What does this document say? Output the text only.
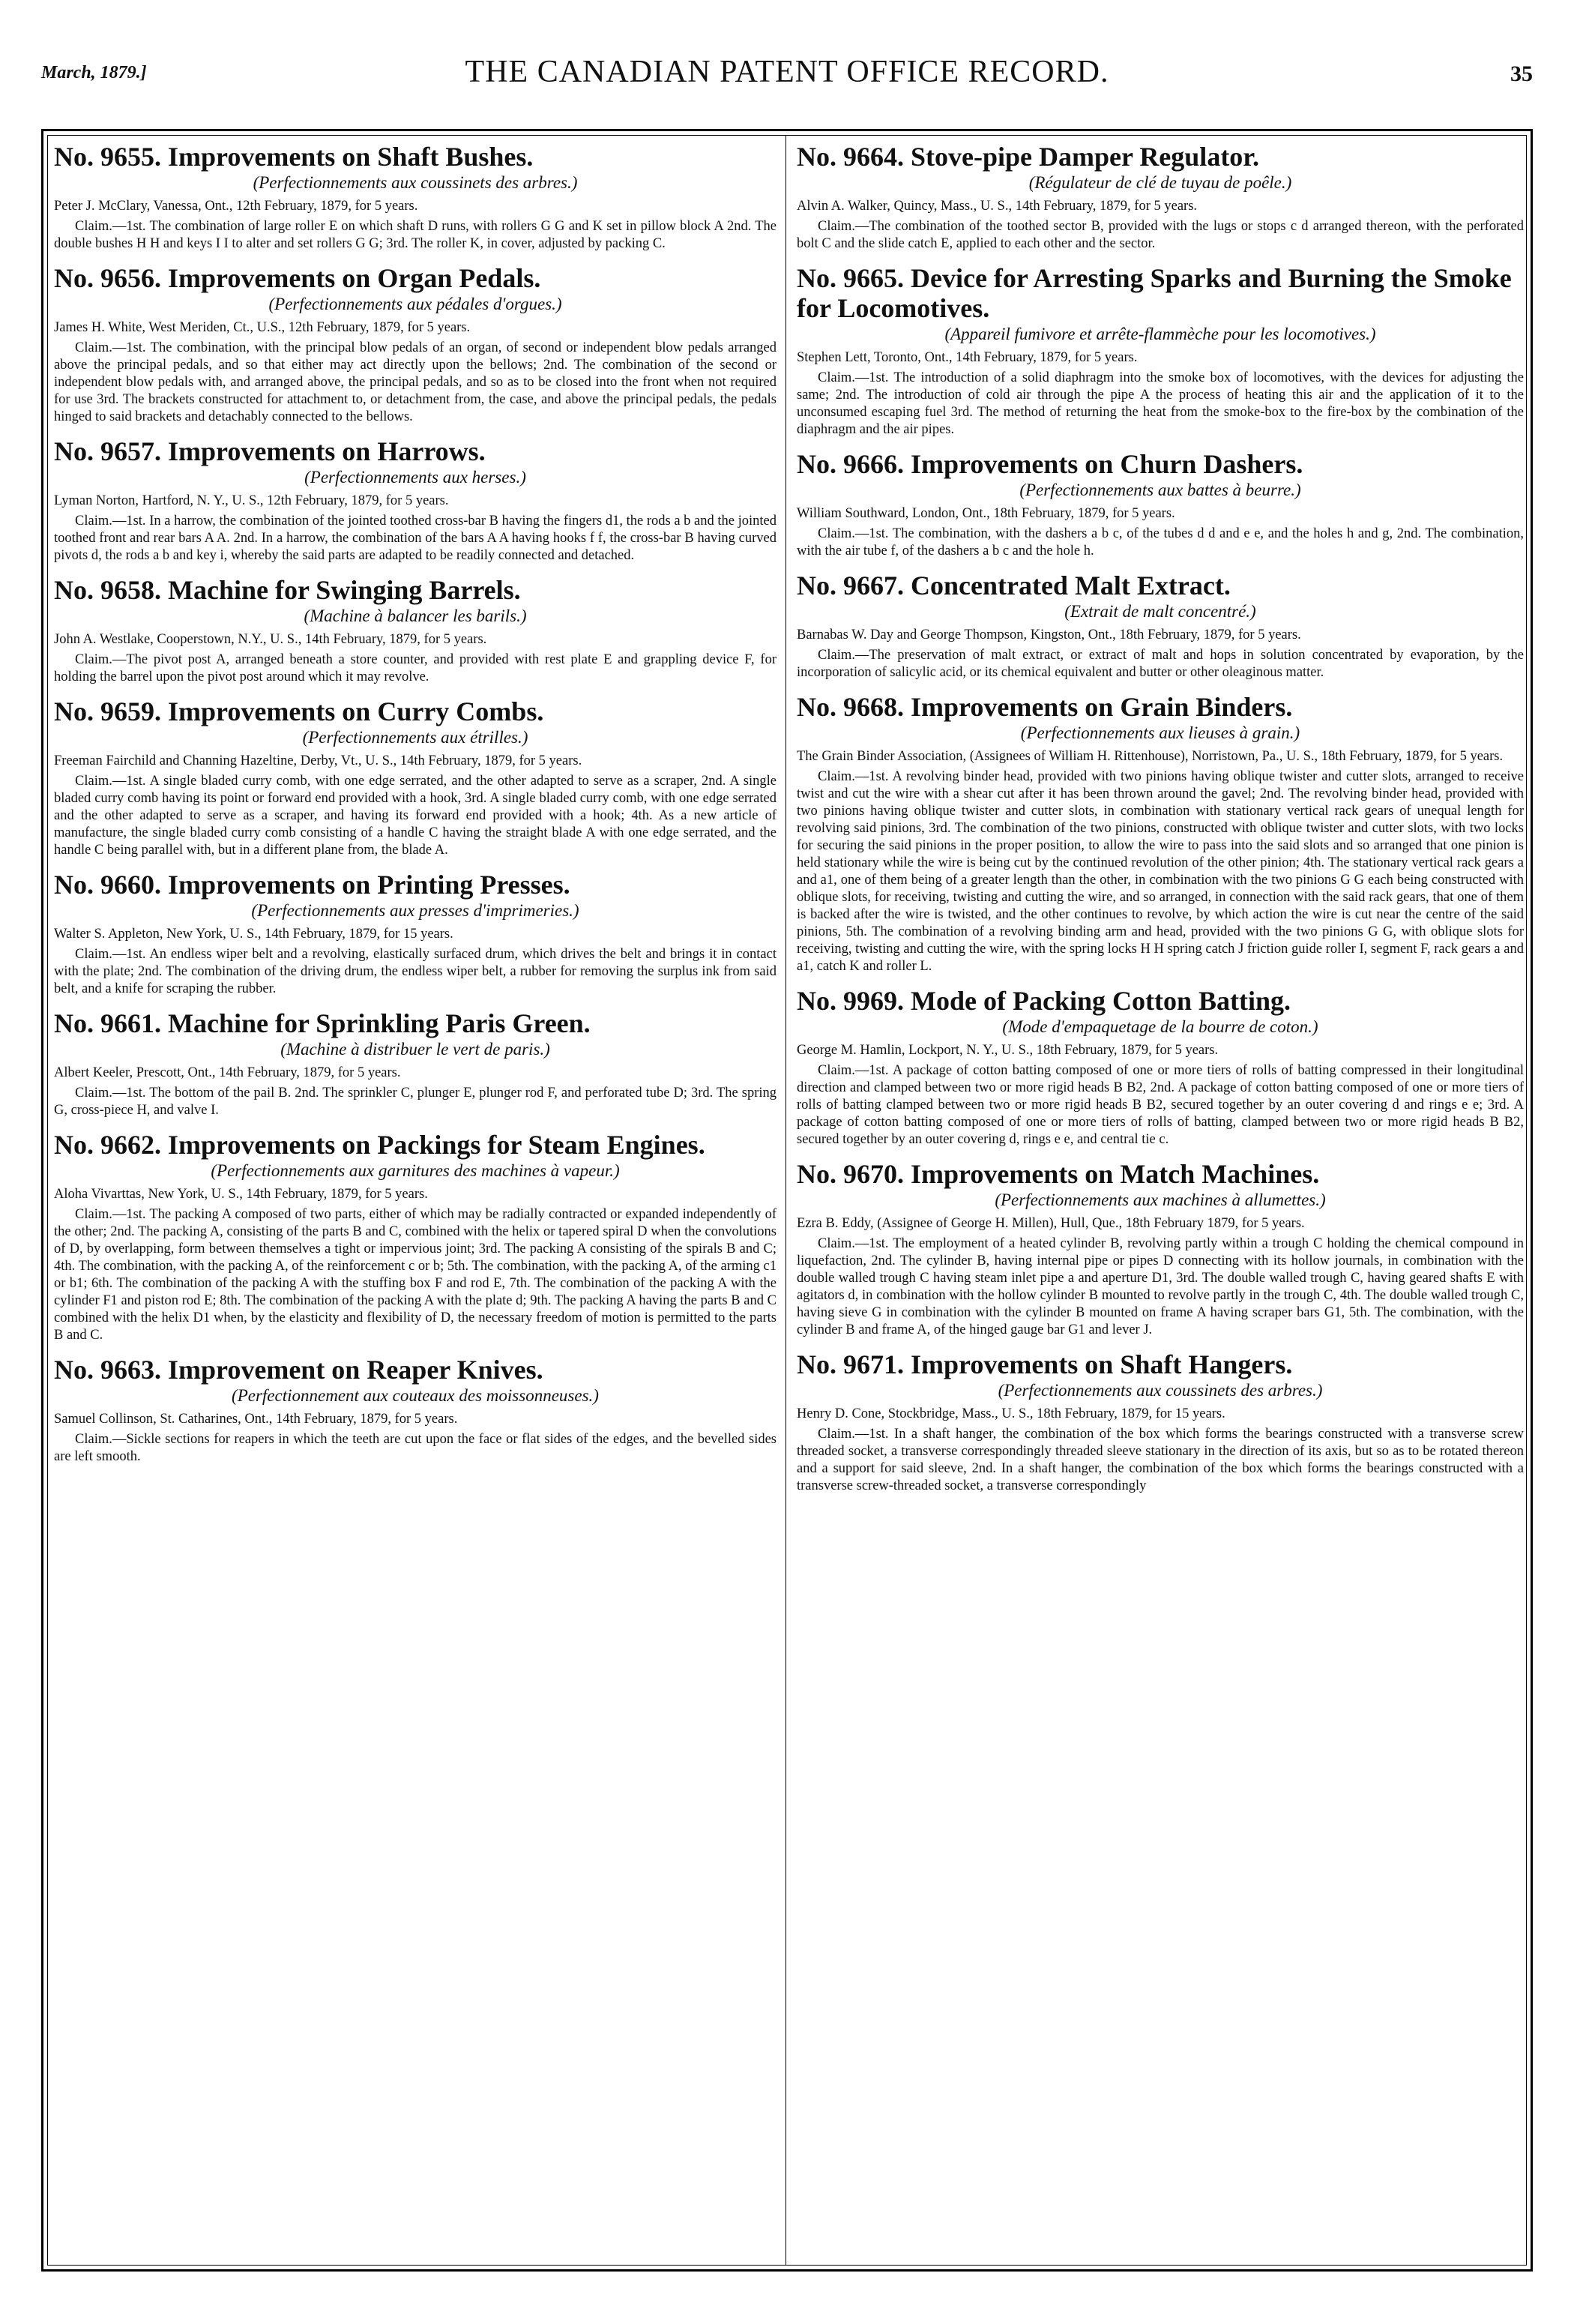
March, 1879.]	THE CANADIAN PATENT OFFICE RECORD.	35
No. 9655. Improvements on Shaft Bushes.
(Perfectionnements aux coussinets des arbres.)
Peter J. McClary, Vanessa, Ont., 12th February, 1879, for 5 years.
Claim.—1st. The combination of large roller E on which shaft D runs, with rollers G G and K set in pillow block A 2nd. The double bushes H H and keys I I to alter and set rollers G G; 3rd. The roller K, in cover, adjusted by packing C.
No. 9656. Improvements on Organ Pedals.
(Perfectionnements aux pédales d'orgues.)
James H. White, West Meriden, Ct., U.S., 12th February, 1879, for 5 years.
Claim.—1st. The combination, with the principal blow pedals of an organ, of second or independent blow pedals arranged above the principal pedals, and so that either may act directly upon the bellows; 2nd. The combination of the second or independent blow pedals with, and arranged above, the principal pedals, and so as to be closed into the front when not required for use 3rd. The brackets constructed for attachment to, or detachment from, the case, and above the principal pedals, the pedals hinged to said brackets and detachably connected to the bellows.
No. 9657. Improvements on Harrows.
(Perfectionnements aux herses.)
Lyman Norton, Hartford, N. Y., U. S., 12th February, 1879, for 5 years.
Claim.—1st. In a harrow, the combination of the jointed toothed cross-bar B having the fingers d1, the rods a b and the jointed toothed front and rear bars A A. 2nd. In a harrow, the combination of the bars A A having hooks f f, the cross-bar B having curved pivots d, the rods a b and key i, whereby the said parts are adapted to be readily connected and detached.
No. 9658. Machine for Swinging Barrels.
(Machine à balancer les barils.)
John A. Westlake, Cooperstown, N.Y., U. S., 14th February, 1879, for 5 years.
Claim.—The pivot post A, arranged beneath a store counter, and provided with rest plate E and grappling device F, for holding the barrel upon the pivot post around which it may revolve.
No. 9659. Improvements on Curry Combs.
(Perfectionnements aux étrilles.)
Freeman Fairchild and Channing Hazeltine, Derby, Vt., U. S., 14th February, 1879, for 5 years.
Claim.—1st. A single bladed curry comb, with one edge serrated, and the other adapted to serve as a scraper, 2nd. A single bladed curry comb having its point or forward end provided with a hook, 3rd. A single bladed curry comb, with one edge serrated and the other adapted to serve as a scraper, and having its forward end provided with a hook; 4th. As a new article of manufacture, the single bladed curry comb consisting of a handle C having the straight blade A with one edge serrated, and the handle C being parallel with, but in a different plane from, the blade A.
No. 9660. Improvements on Printing Presses.
(Perfectionnements aux presses d'imprimeries.)
Walter S. Appleton, New York, U. S., 14th February, 1879, for 15 years.
Claim.—1st. An endless wiper belt and a revolving, elastically surfaced drum, which drives the belt and brings it in contact with the plate; 2nd. The combination of the driving drum, the endless wiper belt, a rubber for removing the surplus ink from said belt, and a knife for scraping the rubber.
No. 9661. Machine for Sprinkling Paris Green.
(Machine à distribuer le vert de paris.)
Albert Keeler, Prescott, Ont., 14th February, 1879, for 5 years.
Claim.—1st. The bottom of the pail B. 2nd. The sprinkler C, plunger E, plunger rod F, and perforated tube D; 3rd. The spring G, cross-piece H, and valve I.
No. 9662. Improvements on Packings for Steam Engines.
(Perfectionnements aux garnitures des machines à vapeur.)
Aloha Vivarttas, New York, U. S., 14th February, 1879, for 5 years.
Claim.—1st. The packing A composed of two parts, either of which may be radially contracted or expanded independently of the other; 2nd. The packing A, consisting of the parts B and C, combined with the helix or tapered spiral D when the convolutions of D, by overlapping, form between themselves a tight or impervious joint; 3rd. The packing A consisting of the spirals B and C; 4th. The combination, with the packing A, of the reinforcement c or b; 5th. The combination, with the packing A, of the arming c1 or b1; 6th. The combination of the packing A with the stuffing box F and rod E, 7th. The combination of the packing A with the cylinder F1 and piston rod E; 8th. The combination of the packing A with the plate d; 9th. The packing A having the parts B and C combined with the helix D1 when, by the elasticity and flexibility of D, the necessary freedom of motion is permitted to the parts B and C.
No. 9663. Improvement on Reaper Knives.
(Perfectionnement aux couteaux des moissonneuses.)
Samuel Collinson, St. Catharines, Ont., 14th February, 1879, for 5 years.
Claim.—Sickle sections for reapers in which the teeth are cut upon the face or flat sides of the edges, and the bevelled sides are left smooth.
No. 9664. Stove-pipe Damper Regulator.
(Régulateur de clé de tuyau de poêle.)
Alvin A. Walker, Quincy, Mass., U. S., 14th February, 1879, for 5 years.
Claim.—The combination of the toothed sector B, provided with the lugs or stops c d arranged thereon, with the perforated bolt C and the slide catch E, applied to each other and the sector.
No. 9665. Device for Arresting Sparks and Burning the Smoke for Locomotives.
(Appareil fumivore et arrête-flammèche pour les locomotives.)
Stephen Lett, Toronto, Ont., 14th February, 1879, for 5 years.
Claim.—1st. The introduction of a solid diaphragm into the smoke box of locomotives, with the devices for adjusting the same; 2nd. The introduction of cold air through the pipe A the process of heating this air and the application of it to the unconsumed escaping fuel 3rd. The method of returning the heat from the smoke-box to the fire-box by the combination of the diaphragm and the air pipes.
No. 9666. Improvements on Churn Dashers.
(Perfectionnements aux battes à beurre.)
William Southward, London, Ont., 18th February, 1879, for 5 years.
Claim.—1st. The combination, with the dashers a b c, of the tubes d d and e e, and the holes h and g, 2nd. The combination, with the air tube f, of the dashers a b c and the hole h.
No. 9667. Concentrated Malt Extract.
(Extrait de malt concentré.)
Barnabas W. Day and George Thompson, Kingston, Ont., 18th February, 1879, for 5 years.
Claim.—The preservation of malt extract, or extract of malt and hops in solution concentrated by evaporation, by the incorporation of salicylic acid, or its chemical equivalent and butter or other oleaginous matter.
No. 9668. Improvements on Grain Binders.
(Perfectionnements aux lieuses à grain.)
The Grain Binder Association, (Assignees of William H. Rittenhouse), Norristown, Pa., U. S., 18th February, 1879, for 5 years.
Claim.—1st. A revolving binder head, provided with two pinions having oblique twister and cutter slots, arranged to receive twist and cut the wire with a shear cut after it has been thrown around the gavel; 2nd. The revolving binder head, provided with two pinions having oblique twister and cutter slots, in combination with stationary vertical rack gears of unequal length for revolving said pinions, 3rd. The combination of the two pinions, constructed with oblique twister and cutter slots, with two locks for securing the said pinions in the proper position, to allow the wire to pass into the said slots and so arranged that one pinion is held stationary while the wire is being cut by the continued revolution of the other pinion; 4th. The stationary vertical rack gears a and a1, one of them being of a greater length than the other, in combination with the two pinions G G each being constructed with oblique slots, for receiving, twisting and cutting the wire, and so arranged, in connection with the said rack gears, that one of them is backed after the wire is twisted, and the other continues to revolve, by which action the wire is cut near the centre of the said pinions, 5th. The combination of a revolving binding arm and head, provided with the two pinions G G, with oblique slots for receiving, twisting and cutting the wire, with the spring locks H H spring catch J friction guide roller I, segment F, rack gears a and a1, catch K and roller L.
No. 9969. Mode of Packing Cotton Batting.
(Mode d'empaquetage de la bourre de coton.)
George M. Hamlin, Lockport, N. Y., U. S., 18th February, 1879, for 5 years.
Claim.—1st. A package of cotton batting composed of one or more tiers of rolls of batting compressed in their longitudinal direction and clamped between two or more rigid heads B B2, 2nd. A package of cotton batting composed of one or more tiers of rolls of batting clamped between two or more rigid heads B B2, secured together by an outer covering d and rings e e; 3rd. A package of cotton batting composed of one or more tiers of rolls of batting, clamped between two or more rigid heads B B2, secured together by an outer covering d, rings e e, and central tie c.
No. 9670. Improvements on Match Machines.
(Perfectionnements aux machines à allumettes.)
Ezra B. Eddy, (Assignee of George H. Millen), Hull, Que., 18th February 1879, for 5 years.
Claim.—1st. The employment of a heated cylinder B, revolving partly within a trough C holding the chemical compound in liquefaction, 2nd. The cylinder B, having internal pipe or pipes D connecting with its hollow journals, in combination with the double walled trough C having steam inlet pipe a and aperture D1, 3rd. The double walled trough C, having geared shafts E with agitators d, in combination with the hollow cylinder B mounted to revolve partly in the trough C, 4th. The double walled trough C, having sieve G in combination with the cylinder B mounted on frame A having scraper bars G1, 5th. The combination, with the cylinder B and frame A, of the hinged gauge bar G1 and lever J.
No. 9671. Improvements on Shaft Hangers.
(Perfectionnements aux coussinets des arbres.)
Henry D. Cone, Stockbridge, Mass., U. S., 18th February, 1879, for 15 years.
Claim.—1st. In a shaft hanger, the combination of the box which forms the bearings constructed with a transverse screw threaded socket, a transverse correspondingly threaded sleeve stationary in the direction of its axis, but so as to be rotated thereon and a support for said sleeve, 2nd. In a shaft hanger, the combination of the box which forms the bearings constructed with a transverse screw-threaded socket, a transverse correspondingly
